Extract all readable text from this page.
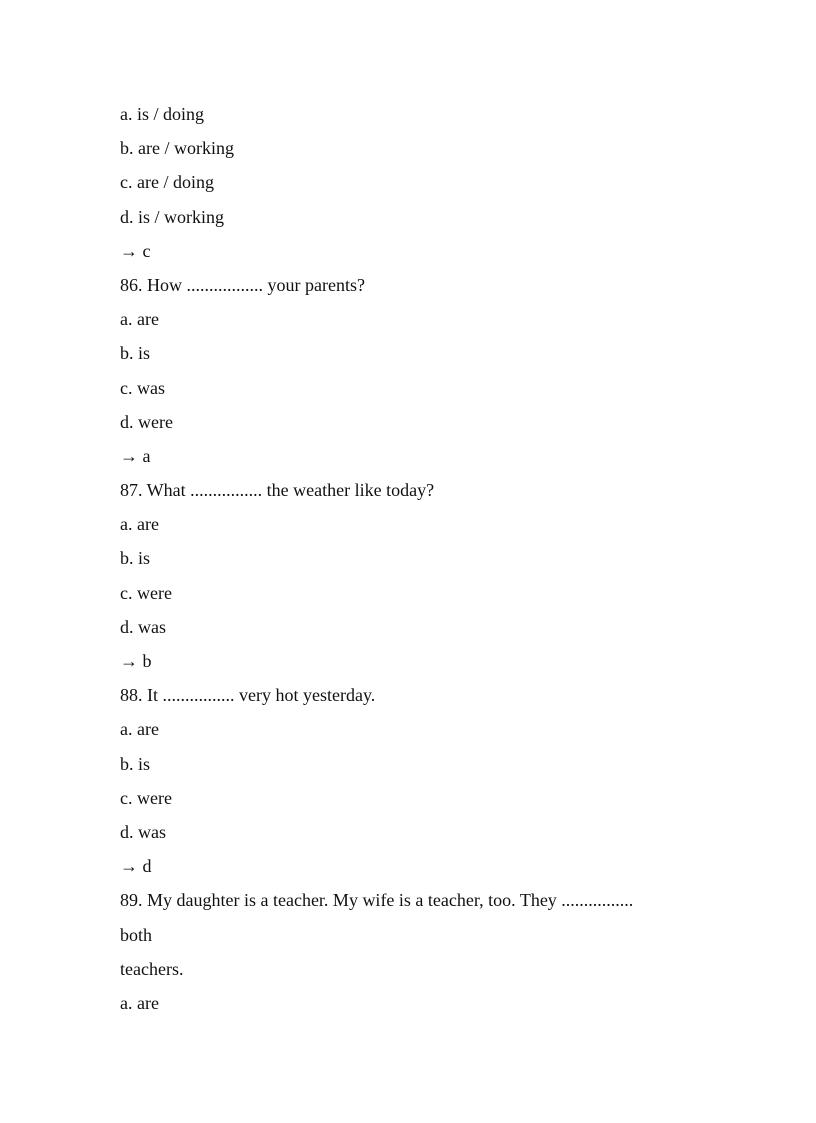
a. is / doing
b. are / working
c. are / doing
d. is / working
→ c
86. How ................. your parents?
a. are
b. is
c. was
d. were
→ a
87. What ................ the weather like today?
a. are
b. is
c. were
d. was
→ b
88. It ................ very hot yesterday.
a. are
b. is
c. were
d. was
→ d
89. My daughter is a teacher. My wife is a teacher, too. They ................
both
teachers.
a. are
